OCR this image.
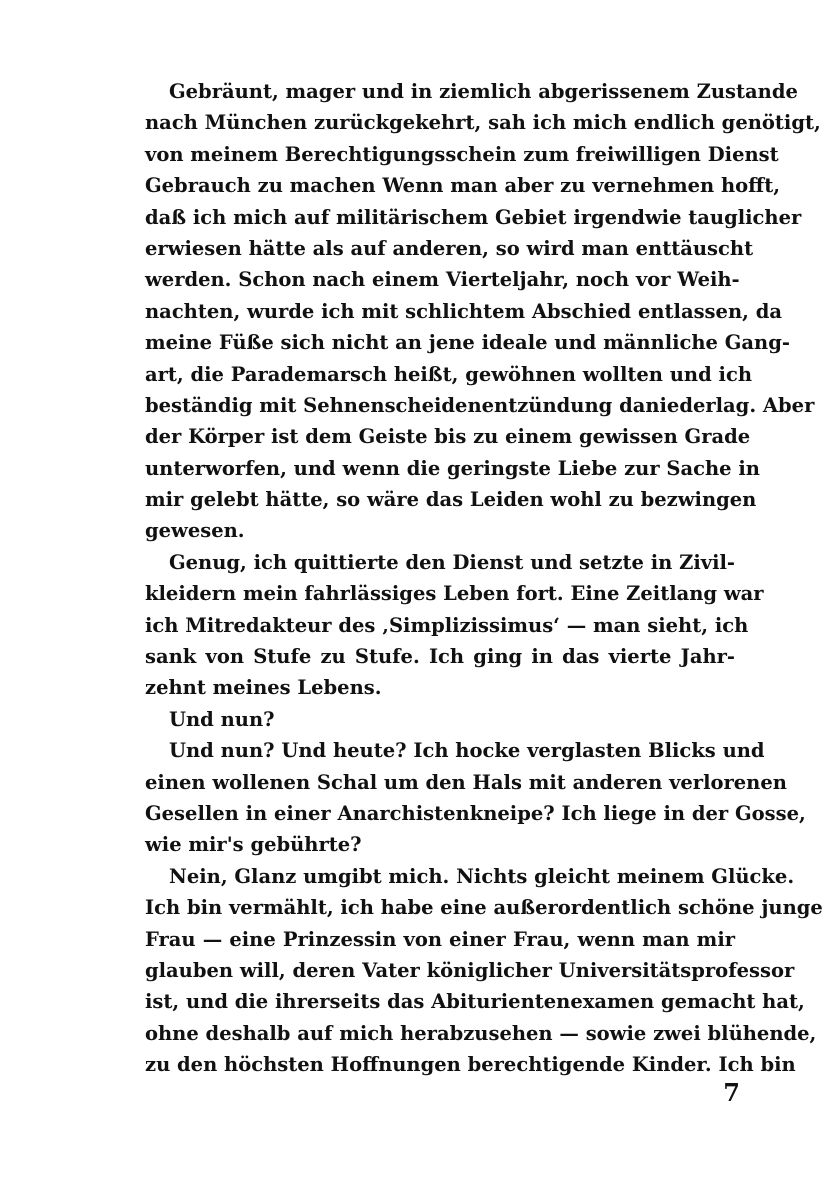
Gebräunt, mager und in ziemlich abgerissenem Zustande
nach München zurückgekehrt, sah ich mich endlich genötigt,
von meinem Berechtigungsschein zum freiwilligen Dienst
Gebrauch zu machen Wenn man aber zu vernehmen hofft,
daß ich mich auf militärischem Gebiet irgendwie tauglicher
erwiesen hätte als auf anderen, so wird man enttäuscht
werden. Schon nach einem Vierteljahr, noch vor Weih-
nachten, wurde ich mit schlichtem Abschied entlassen, da
meine Füße sich nicht an jene ideale und männliche Gang-
art, die Parademarsch heißt, gewöhnen wollten und ich
beständig mit Sehnenscheidenentzündung daniederlag. Aber
der Körper ist dem Geiste bis zu einem gewissen Grade
unterworfen, und wenn die geringste Liebe zur Sache in
mir gelebt hätte, so wäre das Leiden wohl zu bezwingen
gewesen.
Genug, ich quittierte den Dienst und setzte in Zivil-
kleidern mein fahrlässiges Leben fort. Eine Zeitlang war
ich Mitredakteur des ‚Simplizissimus‘ — man sieht, ich
sank von Stufe zu Stufe. Ich ging in das vierte Jahr-
zehnt meines Lebens.
Und nun?
Und nun? Und heute? Ich hocke verglasten Blicks und
einen wollenen Schal um den Hals mit anderen verlorenen
Gesellen in einer Anarchistenkneipe? Ich liege in der Gosse,
wie mir's gebührte?
Nein, Glanz umgibt mich. Nichts gleicht meinem Glücke.
Ich bin vermählt, ich habe eine außerordentlich schöne junge
Frau — eine Prinzessin von einer Frau, wenn man mir
glauben will, deren Vater königlicher Universitätsprofessor
ist, und die ihrerseits das Abiturientenexamen gemacht hat,
ohne deshalb auf mich herabzusehen — sowie zwei blühende,
zu den höchsten Hoffnungen berechtigende Kinder. Ich bin
7
